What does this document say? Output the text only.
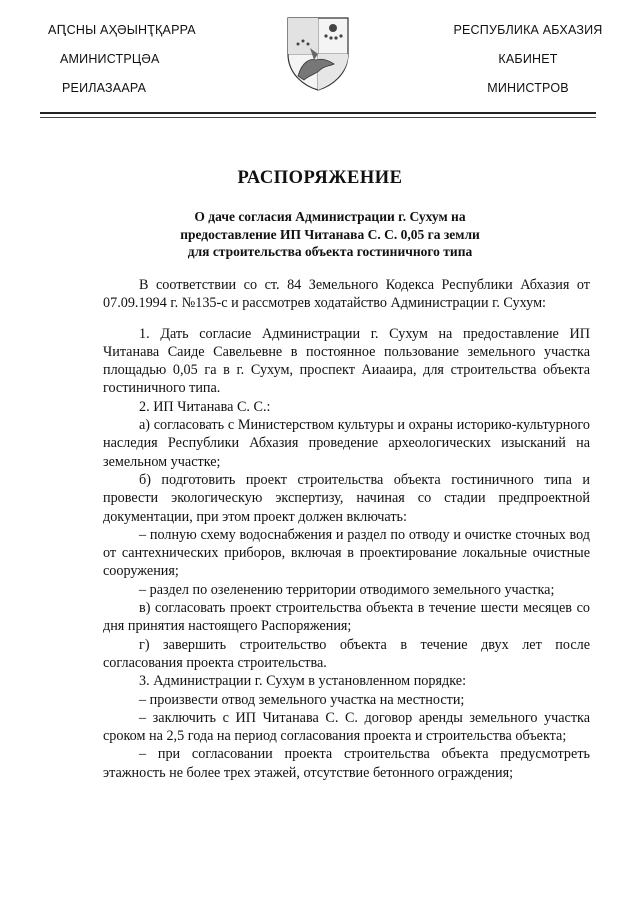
АԤСНЫ АҲӘЫНҬҚАРРА
АМИНИСТРЦӘА
РЕИЛАЗААРА
РЕСПУБЛИКА АБХАЗИЯ
КАБИНЕТ
МИНИСТРОВ
РАСПОРЯЖЕНИЕ
О даче согласия Администрации г. Сухум на
предоставление ИП Читанава С. С. 0,05 га земли
для строительства объекта гостиничного типа

В соответствии со ст. 84 Земельного Кодекса Республики Абхазия от 07.09.1994 г. №135-с и рассмотрев ходатайство Администрации г. Сухум:

1. Дать согласие Администрации г. Сухум на предоставление ИП Читанава Саиде Савельевне в постоянное пользование земельного участка площадью 0,05 га в г. Сухум, проспект Аиааира, для строительства объекта гостиничного типа.

2. ИП Читанава С. С.:

а) согласовать с Министерством культуры и охраны историко-культурного наследия Республики Абхазия проведение археологических изысканий на земельном участке;

б) подготовить проект строительства объекта гостиничного типа и провести экологическую экспертизу, начиная со стадии предпроектной документации, при этом проект должен включать:

– полную схему водоснабжения и раздел по отводу и очистке сточных вод от сантехнических приборов, включая в проектирование локальные очистные сооружения;

– раздел по озеленению территории отводимого земельного участка;

в) согласовать проект строительства объекта в течение шести месяцев со дня принятия настоящего Распоряжения;

г) завершить строительство объекта в течение двух лет после согласования проекта строительства.

3. Администрации г. Сухум в установленном порядке:

– произвести отвод земельного участка на местности;

– заключить с ИП Читанава С. С. договор аренды земельного участка сроком на 2,5 года на период согласования проекта и строительства объекта;

– при согласовании проекта строительства объекта предусмотреть этажность не более трех этажей, отсутствие бетонного ограждения;
